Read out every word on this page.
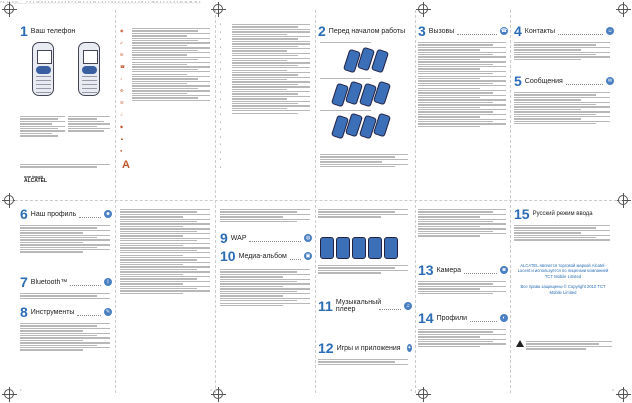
7-1-_11_0_(1_____7_4_1_10_3_0_1_8_1_2_2_3_5_7_1_10_1_1_1_10_1_3_1_7_0_3_2_1_4_1_0_1_3_8_1_1_10_8_1_1_1_3_4_1_11_11_01_11_1
1 Ваш телефон
one touch
ALCATEL
◉
↙
✉
☎
♪
⚙
☰
✓
◆
▲
●
A
▪
▪
▪
▪
▪
▪
▪
▪
▪
▪
▪
▪
▪
▪
▪
▪
▪
▪
▪
▪
2 Перед началом работы 3 Вызовы	☎ 4 Контакты	☺
5 Сообщения	✉
6 Наш профиль	☻
7 Bluetooth™	ᛒ
8 Инструменты	✎
1	2
9 WAP	◍
10 Медиа-альбом	▣
3
11 Музыкальный плеер	♫
12 Игры и приложения ✦
4
13 Камера	◙
14 Профили	◐
5
15 Русский режим ввода
ALCATEL является торговой маркой Alcatel-Lucent и используется по лицензии компанией TCT Mobile Limited
Все права защищены © Copyright 2010 TCT Mobile Limited
6
